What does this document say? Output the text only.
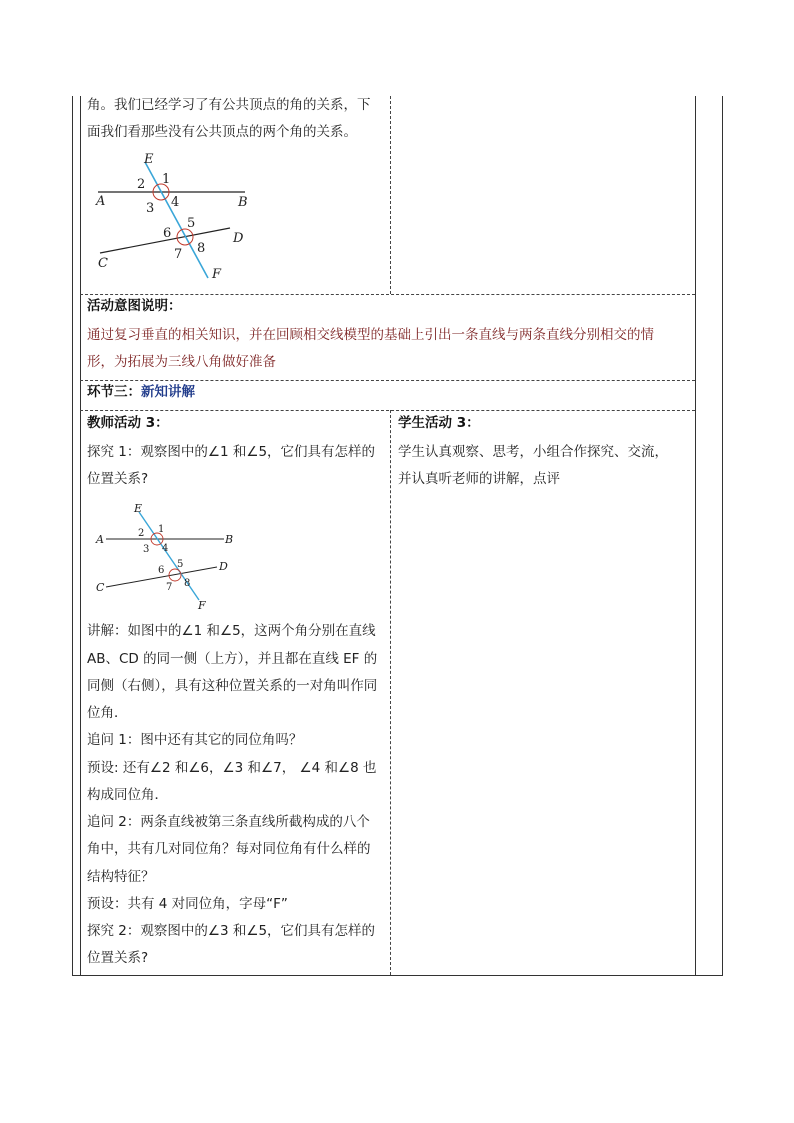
角。我们已经学习了有公共顶点的角的关系，下
面我们看那些没有公共顶点的两个角的关系。
E
A	B
C
D
F
1
2
3 4
5
6
7 8
活动意图说明：
通过复习垂直的相关知识，并在回顾相交线模型的基础上引出一条直线与两条直线分别相交的情
形，为拓展为三线八角做好准备
环节三：新知讲解
教师活动 3：
探究 1：观察图中的∠1 和∠5，它们具有怎样的
位置关系?
E
A	B
C
D
F
1
2
3 4
5
6
7 8
讲解：如图中的∠1 和∠5，这两个角分别在直线
AB、CD 的同一侧（上方），并且都在直线 EF 的
同侧（右侧），具有这种位置关系的一对角叫作同
位角．
追问 1：图中还有其它的同位角吗？
预设: 还有∠2 和∠6，∠3 和∠7， ∠4 和∠8 也
构成同位角．
追问 2：两条直线被第三条直线所截构成的八个
角中，共有几对同位角？每对同位角有什么样的
结构特征？
预设：共有 4 对同位角，字母“F”
探究 2：观察图中的∠3 和∠5，它们具有怎样的
位置关系?
学生活动 3：
学生认真观察、思考，小组合作探究、交流，
并认真听老师的讲解，点评
